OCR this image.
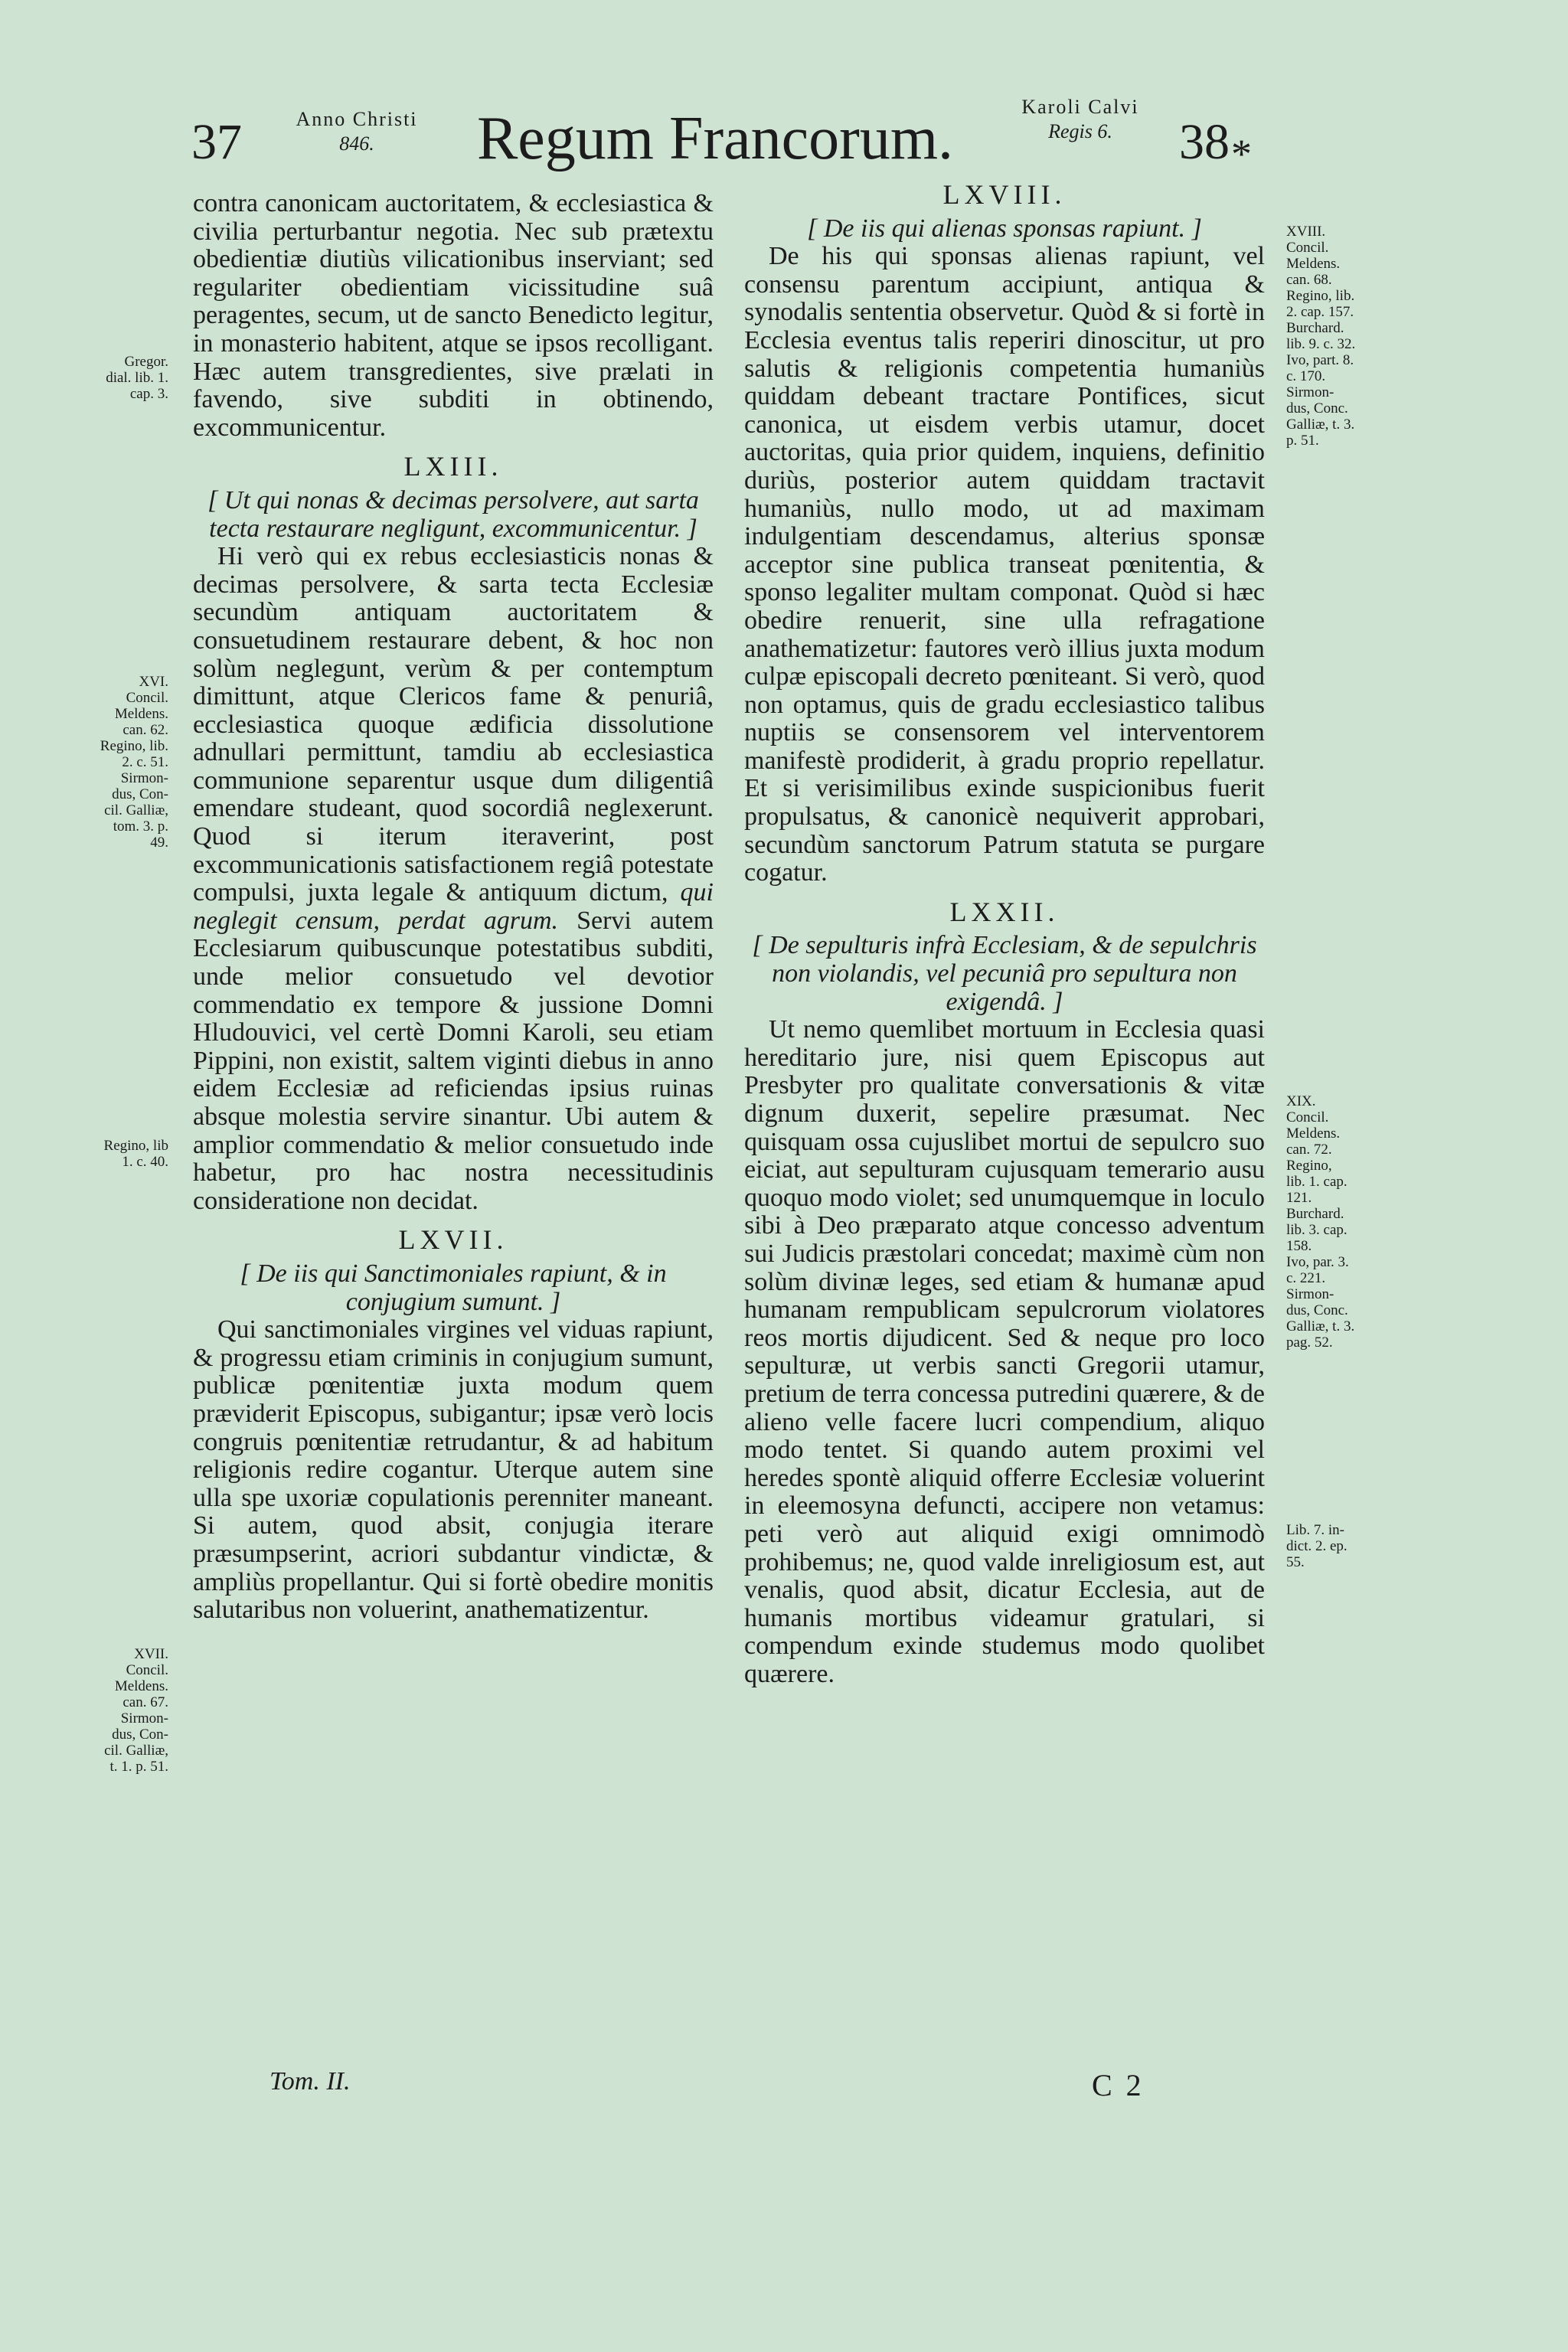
37	Anno Christi
846.	Regum Francorum.	Karoli Calvi
Regis 6.	38 *

contra canonicam auctoritatem, & ecclesiastica & civilia perturbantur negotia. Nec sub prætextu obedientiæ diutiùs vilicationibus inserviant; sed regulariter obedientiam vicissitudine suâ peragentes, secum, ut de sancto Benedicto legitur, in monasterio habitent, atque se ipsos recolligant. Hæc autem transgredientes, sive prælati in favendo, sive subditi in obtinendo, excommunicentur.

LXIII.

[ Ut qui nonas & decimas persolvere, aut sarta tecta restaurare negligunt, excommunicentur. ]

Hi verò qui ex rebus ecclesiasticis nonas & decimas persolvere, & sarta tecta Ecclesiæ secundùm antiquam auctoritatem & consuetudinem restaurare debent, & hoc non solùm neglegunt, verùm & per contemptum dimittunt, atque Clericos fame & penuriâ, ecclesiastica quoque ædificia dissolutione adnullari permittunt, tamdiu ab ecclesiastica communione separentur usque dum diligentiâ emendare studeant, quod socordiâ neglexerunt. Quod si iterum iteraverint, post excommunicationis satisfactionem regiâ potestate compulsi, juxta legale & antiquum dictum, qui neglegit censum, perdat agrum. Servi autem Ecclesiarum quibuscunque potestatibus subditi, unde melior consuetudo vel devotior commendatio ex tempore & jussione Domni Hludouvici, vel certè Domni Karoli, seu etiam Pippini, non existit, saltem viginti diebus in anno eidem Ecclesiæ ad reficiendas ipsius ruinas absque molestia servire sinantur. Ubi autem & amplior commendatio & melior consuetudo inde habetur, pro hac nostra necessitudinis consideratione non decidat.

LXVII.

[ De iis qui Sanctimoniales rapiunt, & in conjugium sumunt. ]

Qui sanctimoniales virgines vel viduas rapiunt, & progressu etiam criminis in conjugium sumunt, publicæ pœnitentiæ juxta modum quem præviderit Episcopus, subigantur; ipsæ verò locis congruis pœnitentiæ retrudantur, & ad habitum religionis redire cogantur. Uterque autem sine ulla spe uxoriæ copulationis perenniter maneant. Si autem, quod absit, conjugia iterare præsumpserint, acriori subdantur vindictæ, & ampliùs propellantur. Qui si fortè obedire monitis salutaribus non voluerint, anathematizentur.

LXVIII.

[ De iis qui alienas sponsas rapiunt. ]

De his qui sponsas alienas rapiunt, vel consensu parentum accipiunt, antiqua & synodalis sententia observetur. Quòd & si fortè in Ecclesia eventus talis reperiri dinoscitur, ut pro salutis & religionis competentia humaniùs quiddam debeant tractare Pontifices, sicut canonica, ut eisdem verbis utamur, docet auctoritas, quia prior quidem, inquiens, definitio duriùs, posterior autem quiddam tractavit humaniùs, nullo modo, ut ad maximam indulgentiam descendamus, alterius sponsæ acceptor sine publica transeat pœnitentia, & sponso legaliter multam componat. Quòd si hæc obedire renuerit, sine ulla refragatione anathematizetur: fautores verò illius juxta modum culpæ episcopali decreto pœniteant. Si verò, quod non optamus, quis de gradu ecclesiastico talibus nuptiis se consensorem vel interventorem manifestè prodiderit, à gradu proprio repellatur. Et si verisimilibus exinde suspicionibus fuerit propulsatus, & canonicè nequiverit approbari, secundùm sanctorum Patrum statuta se purgare cogatur.

LXXII.

[ De sepulturis infrà Ecclesiam, & de sepulchris non violandis, vel pecuniâ pro sepultura non exigendâ. ]

Ut nemo quemlibet mortuum in Ecclesia quasi hereditario jure, nisi quem Episcopus aut Presbyter pro qualitate conversationis & vitæ dignum duxerit, sepelire præsumat. Nec quisquam ossa cujuslibet mortui de sepulcro suo eiciat, aut sepulturam cujusquam temerario ausu quoquo modo violet; sed unumquemque in loculo sibi à Deo præparato atque concesso adventum sui Judicis præstolari concedat; maximè cùm non solùm divinæ leges, sed etiam & humanæ apud humanam rempublicam sepulcrorum violatores reos mortis dijudicent. Sed & neque pro loco sepulturæ, ut verbis sancti Gregorii utamur, pretium de terra concessa putredini quærere, & de alieno velle facere lucri compendium, aliquo modo tentet. Si quando autem proximi vel heredes spontè aliquid offerre Ecclesiæ voluerint in eleemosyna defuncti, accipere non vetamus: peti verò aut aliquid exigi omnimodò prohibemus; ne, quod valde inreligiosum est, aut venalis, quod absit, dicatur Ecclesia, aut de humanis mortibus videamur gratulari, si compendum exinde studemus modo quolibet quærere.

Tom. II.	C 2
Gregor.
dial. lib. 1.
cap. 3.
XVI.
Concil.
Meldens.
can. 62.
Regino, lib.
2. c. 51.
Sirmon-
dus, Con-
cil. Galliæ,
tom. 3. p.
49.
Regino, lib
1. c. 40.
XVII.
Concil.
Meldens.
can. 67.
Sirmon-
dus, Con-
cil. Galliæ,
t. 1. p. 51.
XVIII.
Concil.
Meldens.
can. 68.
Regino, lib.
2. cap. 157.
Burchard.
lib. 9. c. 32.
Ivo, part. 8.
c. 170.
Sirmon-
dus, Conc.
Galliæ, t. 3.
p. 51.
XIX.
Concil.
Meldens.
can. 72.
Regino,
lib. 1. cap.
121.
Burchard.
lib. 3. cap.
158.
Ivo, par. 3.
c. 221.
Sirmon-
dus, Conc.
Galliæ, t. 3.
pag. 52.
Lib. 7. in-
dict. 2. ep.
55.
